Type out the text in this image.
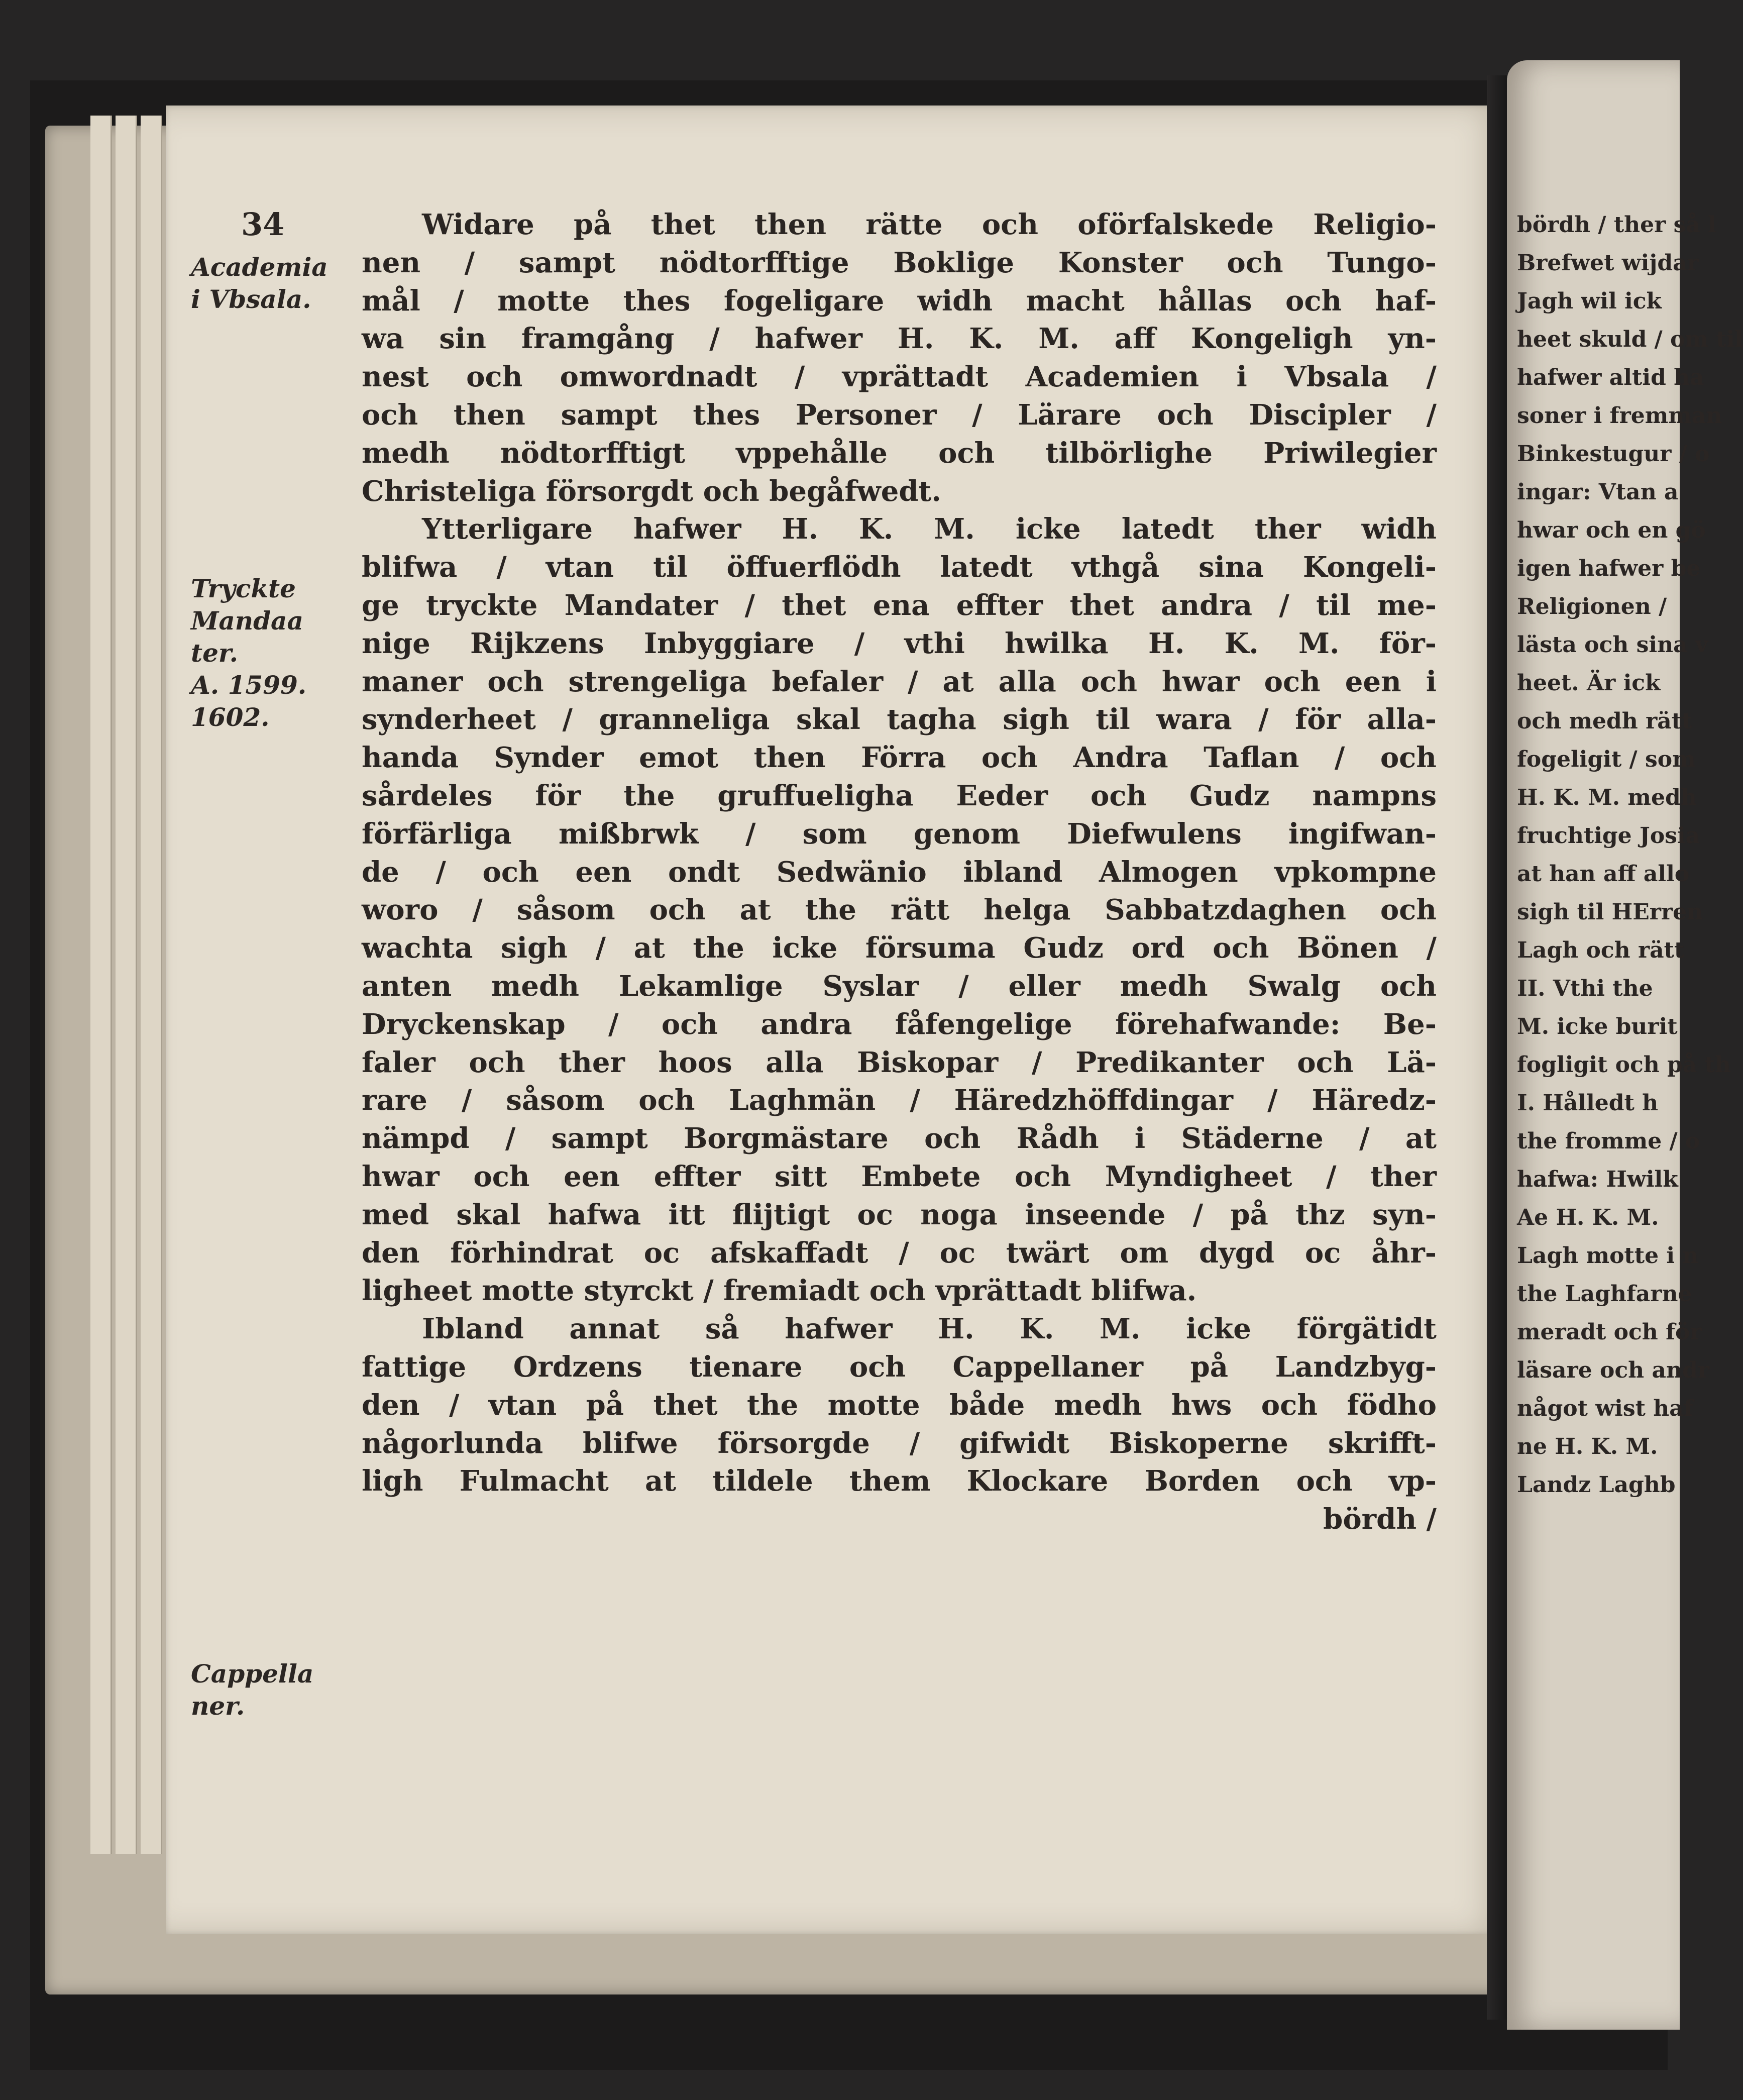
34
Academia
i Vbsala.
Tryckte
Mandaa
ter.
A. 1599.
1602.
Cappella
ner.
Widare på thet then rätte och oförfalskede Religio-
nen / sampt nödtorfftige Boklige Konster och Tungo-
mål / motte thes fogeligare widh macht hållas och haf-
wa sin framgång / hafwer H. K. M. aff Kongeligh yn-
nest och omwordnadt / vprättadt Academien i Vbsala /
och then sampt thes Personer / Lärare och Discipler /
medh nödtorfftigt vppehålle och tilbörlighe Priwilegier
Christeliga försorgdt och begåfwedt.
Ytterligare hafwer H. K. M. icke latedt ther widh
blifwa / vtan til öffuerflödh latedt vthgå sina Kongeli-
ge tryckte Mandater / thet ena effter thet andra / til me-
nige Rijkzens Inbyggiare / vthi hwilka H. K. M. för-
maner och strengeliga befaler / at alla och hwar och een i
synderheet / granneliga skal tagha sigh til wara / för alla-
handa Synder emot then Förra och Andra Taflan / och
sårdeles för the gruffueligha Eeder och Gudz nampns
förfärliga mißbrwk / som genom Diefwulens ingifwan-
de / och een ondt Sedwänio ibland Almogen vpkompne
woro / såsom och at the rätt helga Sabbatzdaghen och
wachta sigh / at the icke försuma Gudz ord och Bönen /
anten medh Lekamlige Syslar / eller medh Swalg och
Dryckenskap / och andra fåfengelige förehafwande: Be-
faler och ther hoos alla Biskopar / Predikanter och Lä-
rare / såsom och Laghmän / Häredzhöffdingar / Häredz-
nämpd / sampt Borgmästare och Rådh i Städerne / at
hwar och een effter sitt Embete och Myndigheet / ther
med skal hafwa itt flijtigt oc noga inseende / på thz syn-
den förhindrat oc afskaffadt / oc twärt om dygd oc åhr-
ligheet motte styrckt / fremiadt och vprättadt blifwa.
Ibland annat så hafwer H. K. M. icke förgätidt
fattige Ordzens tienare och Cappellaner på Landzbyg-
den / vtan på thet the motte både medh hws och födho
någorlunda blifwe försorgde / gifwidt Biskoperne skrifft-
ligh Fulmacht at tildele them Klockare Borden och vp-
bördh /
bördh / ther så l
Brefwet wijdar
Jagh wil ick
heet skuld / om til
hafwer altid ha
soner i fremman
Binkestugur / o
ingar: Vtan a
hwar och en gö
igen hafwer be
Religionen /
lästa och sina v
heet. Är ick
och medh rätt
fogeligit / som
H. K. M. medh
fruchtige Josia
at han aff allo
sigh til HErren
Lagh och rätt
II. Vthi the
M. icke burit
fogligit och på th
I. Hålledt h
the fromme / o
hafwa: Hwilk
Ae H. K. M.
Lagh motte i n
the Laghfarne
meradt och för
läsare och andr
något wist haf
ne H. K. M.
Landz Laghb
